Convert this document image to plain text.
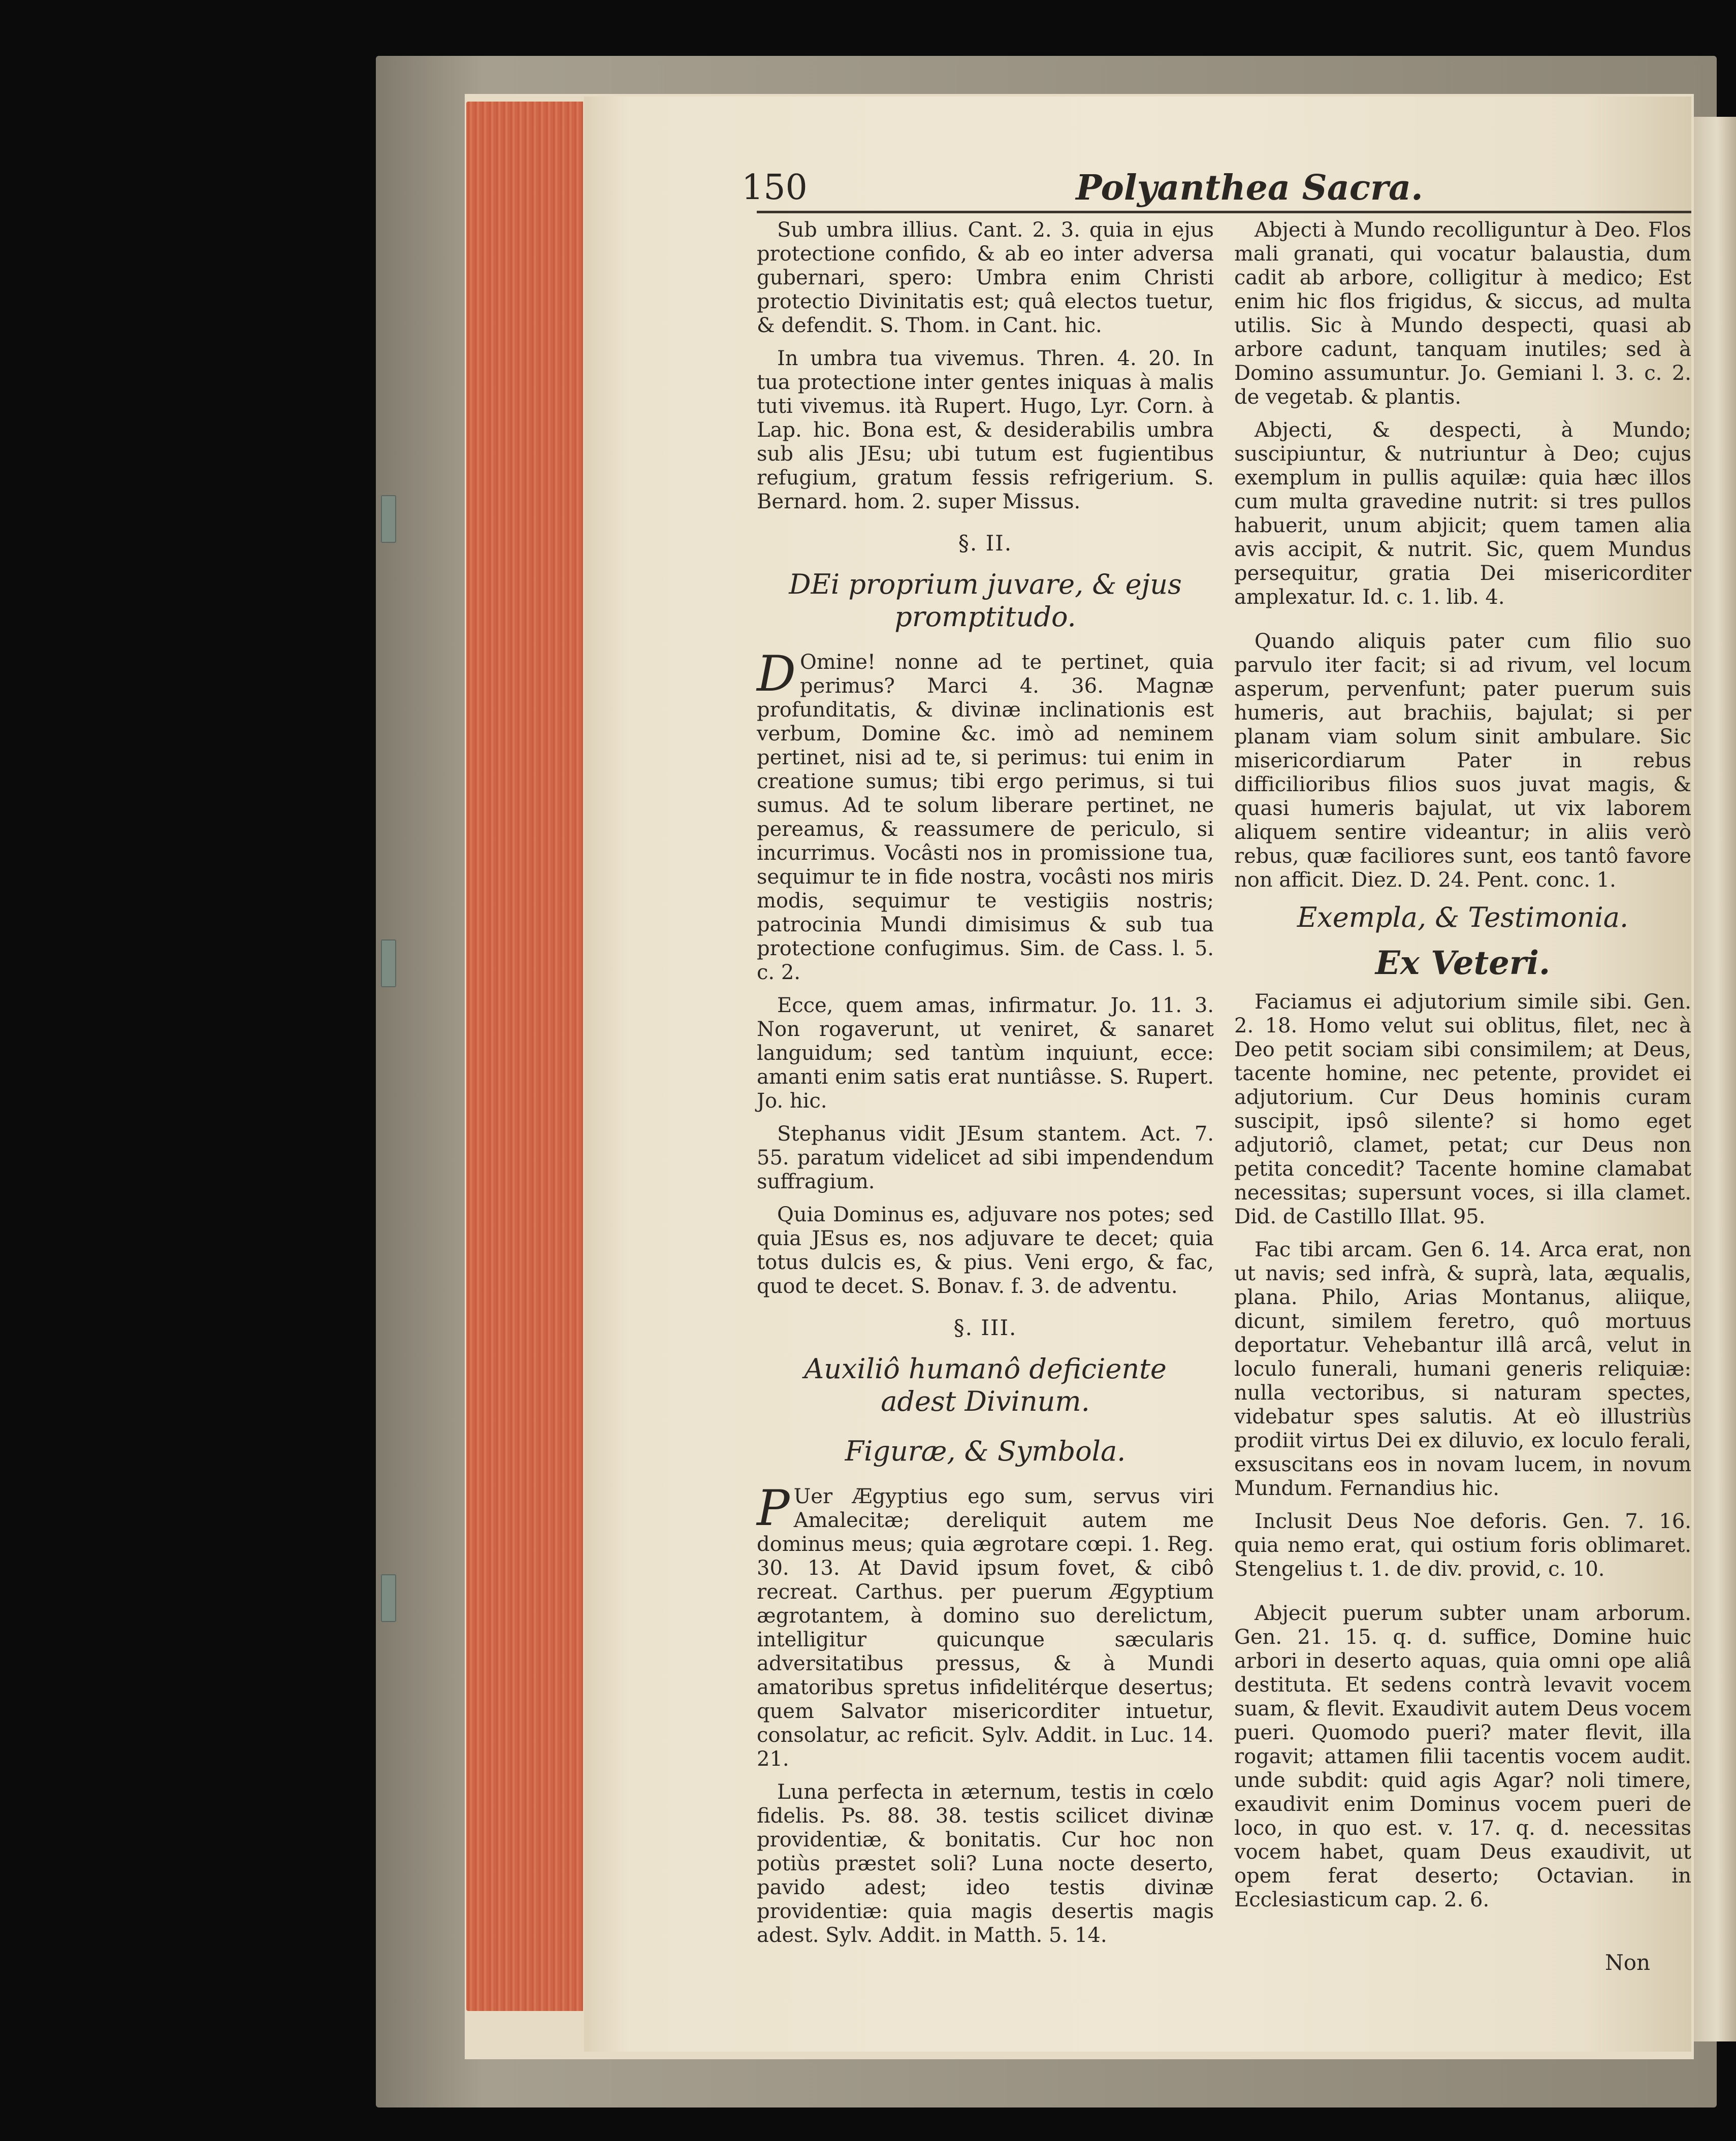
150	Polyanthea Sacra.

Sub umbra illius. Cant. 2. 3. quia in ejus protectione confido, & ab eo inter adversa gubernari, spero: Umbra enim Christi protectio Divinitatis est; quâ electos tuetur, & defendit. S. Thom. in Cant. hic.

In umbra tua vivemus. Thren. 4. 20. In tua protectione inter gentes iniquas à malis tuti vivemus. ità Rupert. Hugo, Lyr. Corn. à Lap. hic. Bona est, & desiderabilis umbra sub alis JEsu; ubi tutum est fugientibus refugium, gratum fessis refrigerium. S. Bernard. hom. 2. super Missus.

§. II.
DEi proprium juvare, & ejus promptitudo.

D Omine! nonne ad te pertinet, quia perimus? Marci 4. 36. Magnæ profunditatis, & divinæ inclinationis est verbum, Domine &c. imò ad neminem pertinet, nisi ad te, si perimus: tui enim in creatione sumus; tibi ergo perimus, si tui sumus. Ad te solum liberare pertinet, ne pereamus, & reassumere de periculo, si incurrimus. Vocâsti nos in promissione tua, sequimur te in fide nostra, vocâsti nos miris modis, sequimur te vestigiis nostris; patrocinia Mundi dimisimus & sub tua protectione confugimus. Sim. de Cass. l. 5. c. 2.

Ecce, quem amas, infirmatur. Jo. 11. 3. Non rogaverunt, ut veniret, & sanaret languidum; sed tantùm inquiunt, ecce: amanti enim satis erat nuntiâsse. S. Rupert. Jo. hic.

Stephanus vidit JEsum stantem. Act. 7. 55. paratum videlicet ad sibi impendendum suffragium.

Quia Dominus es, adjuvare nos potes; sed quia JEsus es, nos adjuvare te decet; quia totus dulcis es, & pius. Veni ergo, & fac, quod te decet. S. Bonav. f. 3. de adventu.

§. III.
Auxiliô humanô deficiente adest Divinum.
Figuræ, & Symbola.

P Uer Ægyptius ego sum, servus viri Amalecitæ; dereliquit autem me dominus meus; quia ægrotare cœpi. 1. Reg. 30. 13. At David ipsum fovet, & cibô recreat. Carthus. per puerum Ægyptium ægrotantem, à domino suo derelictum, intelligitur quicunque sæcularis adversitatibus pressus, & à Mundi amatoribus spretus infidelitérque desertus; quem Salvator misericorditer intuetur, consolatur, ac reficit. Sylv. Addit. in Luc. 14. 21.

Luna perfecta in æternum, testis in cœlo fidelis. Ps. 88. 38. testis scilicet divinæ providentiæ, & bonitatis. Cur hoc non potiùs præstet soli? Luna nocte deserto, pavido adest; ideo testis divinæ providentiæ: quia magis desertis magis adest. Sylv. Addit. in Matth. 5. 14.

Abjecti à Mundo recolliguntur à Deo. Flos mali granati, qui vocatur balaustia, dum cadit ab arbore, colligitur à medico; Est enim hic flos frigidus, & siccus, ad multa utilis. Sic à Mundo despecti, quasi ab arbore cadunt, tanquam inutiles; sed à Domino assumuntur. Jo. Gemiani l. 3. c. 2. de vegetab. & plantis.

Abjecti, & despecti, à Mundo; suscipiuntur, & nutriuntur à Deo; cujus exemplum in pullis aquilæ: quia hæc illos cum multa gravedine nutrit: si tres pullos habuerit, unum abjicit; quem tamen alia avis accipit, & nutrit. Sic, quem Mundus persequitur, gratia Dei misericorditer amplexatur. Id. c. 1. lib. 4.

Quando aliquis pater cum filio suo parvulo iter facit; si ad rivum, vel locum asperum, pervenfunt; pater puerum suis humeris, aut brachiis, bajulat; si per planam viam solum sinit ambulare. Sic misericordiarum Pater in rebus difficilioribus filios suos juvat magis, & quasi humeris bajulat, ut vix laborem aliquem sentire videantur; in aliis verò rebus, quæ faciliores sunt, eos tantô favore non afficit. Diez. D. 24. Pent. conc. 1.

Exempla, & Testimonia.
Ex Veteri.

Faciamus ei adjutorium simile sibi. Gen. 2. 18. Homo velut sui oblitus, filet, nec à Deo petit sociam sibi consimilem; at Deus, tacente homine, nec petente, providet ei adjutorium. Cur Deus hominis curam suscipit, ipsô silente? si homo eget adjutoriô, clamet, petat; cur Deus non petita concedit? Tacente homine clamabat necessitas; supersunt voces, si illa clamet. Did. de Castillo Illat. 95.

Fac tibi arcam. Gen 6. 14. Arca erat, non ut navis; sed infrà, & suprà, lata, æqualis, plana. Philo, Arias Montanus, aliique, dicunt, similem feretro, quô mortuus deportatur. Vehebantur illâ arcâ, velut in loculo funerali, humani generis reliquiæ: nulla vectoribus, si naturam spectes, videbatur spes salutis. At eò illustriùs prodiit virtus Dei ex diluvio, ex loculo ferali, exsuscitans eos in novam lucem, in novum Mundum. Fernandius hic.

Inclusit Deus Noe deforis. Gen. 7. 16. quia nemo erat, qui ostium foris oblimaret. Stengelius t. 1. de div. provid, c. 10.

Abjecit puerum subter unam arborum. Gen. 21. 15. q. d. suffice, Domine huic arbori in deserto aquas, quia omni ope aliâ destituta. Et sedens contrà levavit vocem suam, & flevit. Exaudivit autem Deus vocem pueri. Quomodo pueri? mater flevit, illa rogavit; attamen filii tacentis vocem audit. unde subdit: quid agis Agar? noli timere, exaudivit enim Dominus vocem pueri de loco, in quo est. v. 17. q. d. necessitas vocem habet, quam Deus exaudivit, ut opem ferat deserto; Octavian. in Ecclesiasticum cap. 2. 6.

Non
